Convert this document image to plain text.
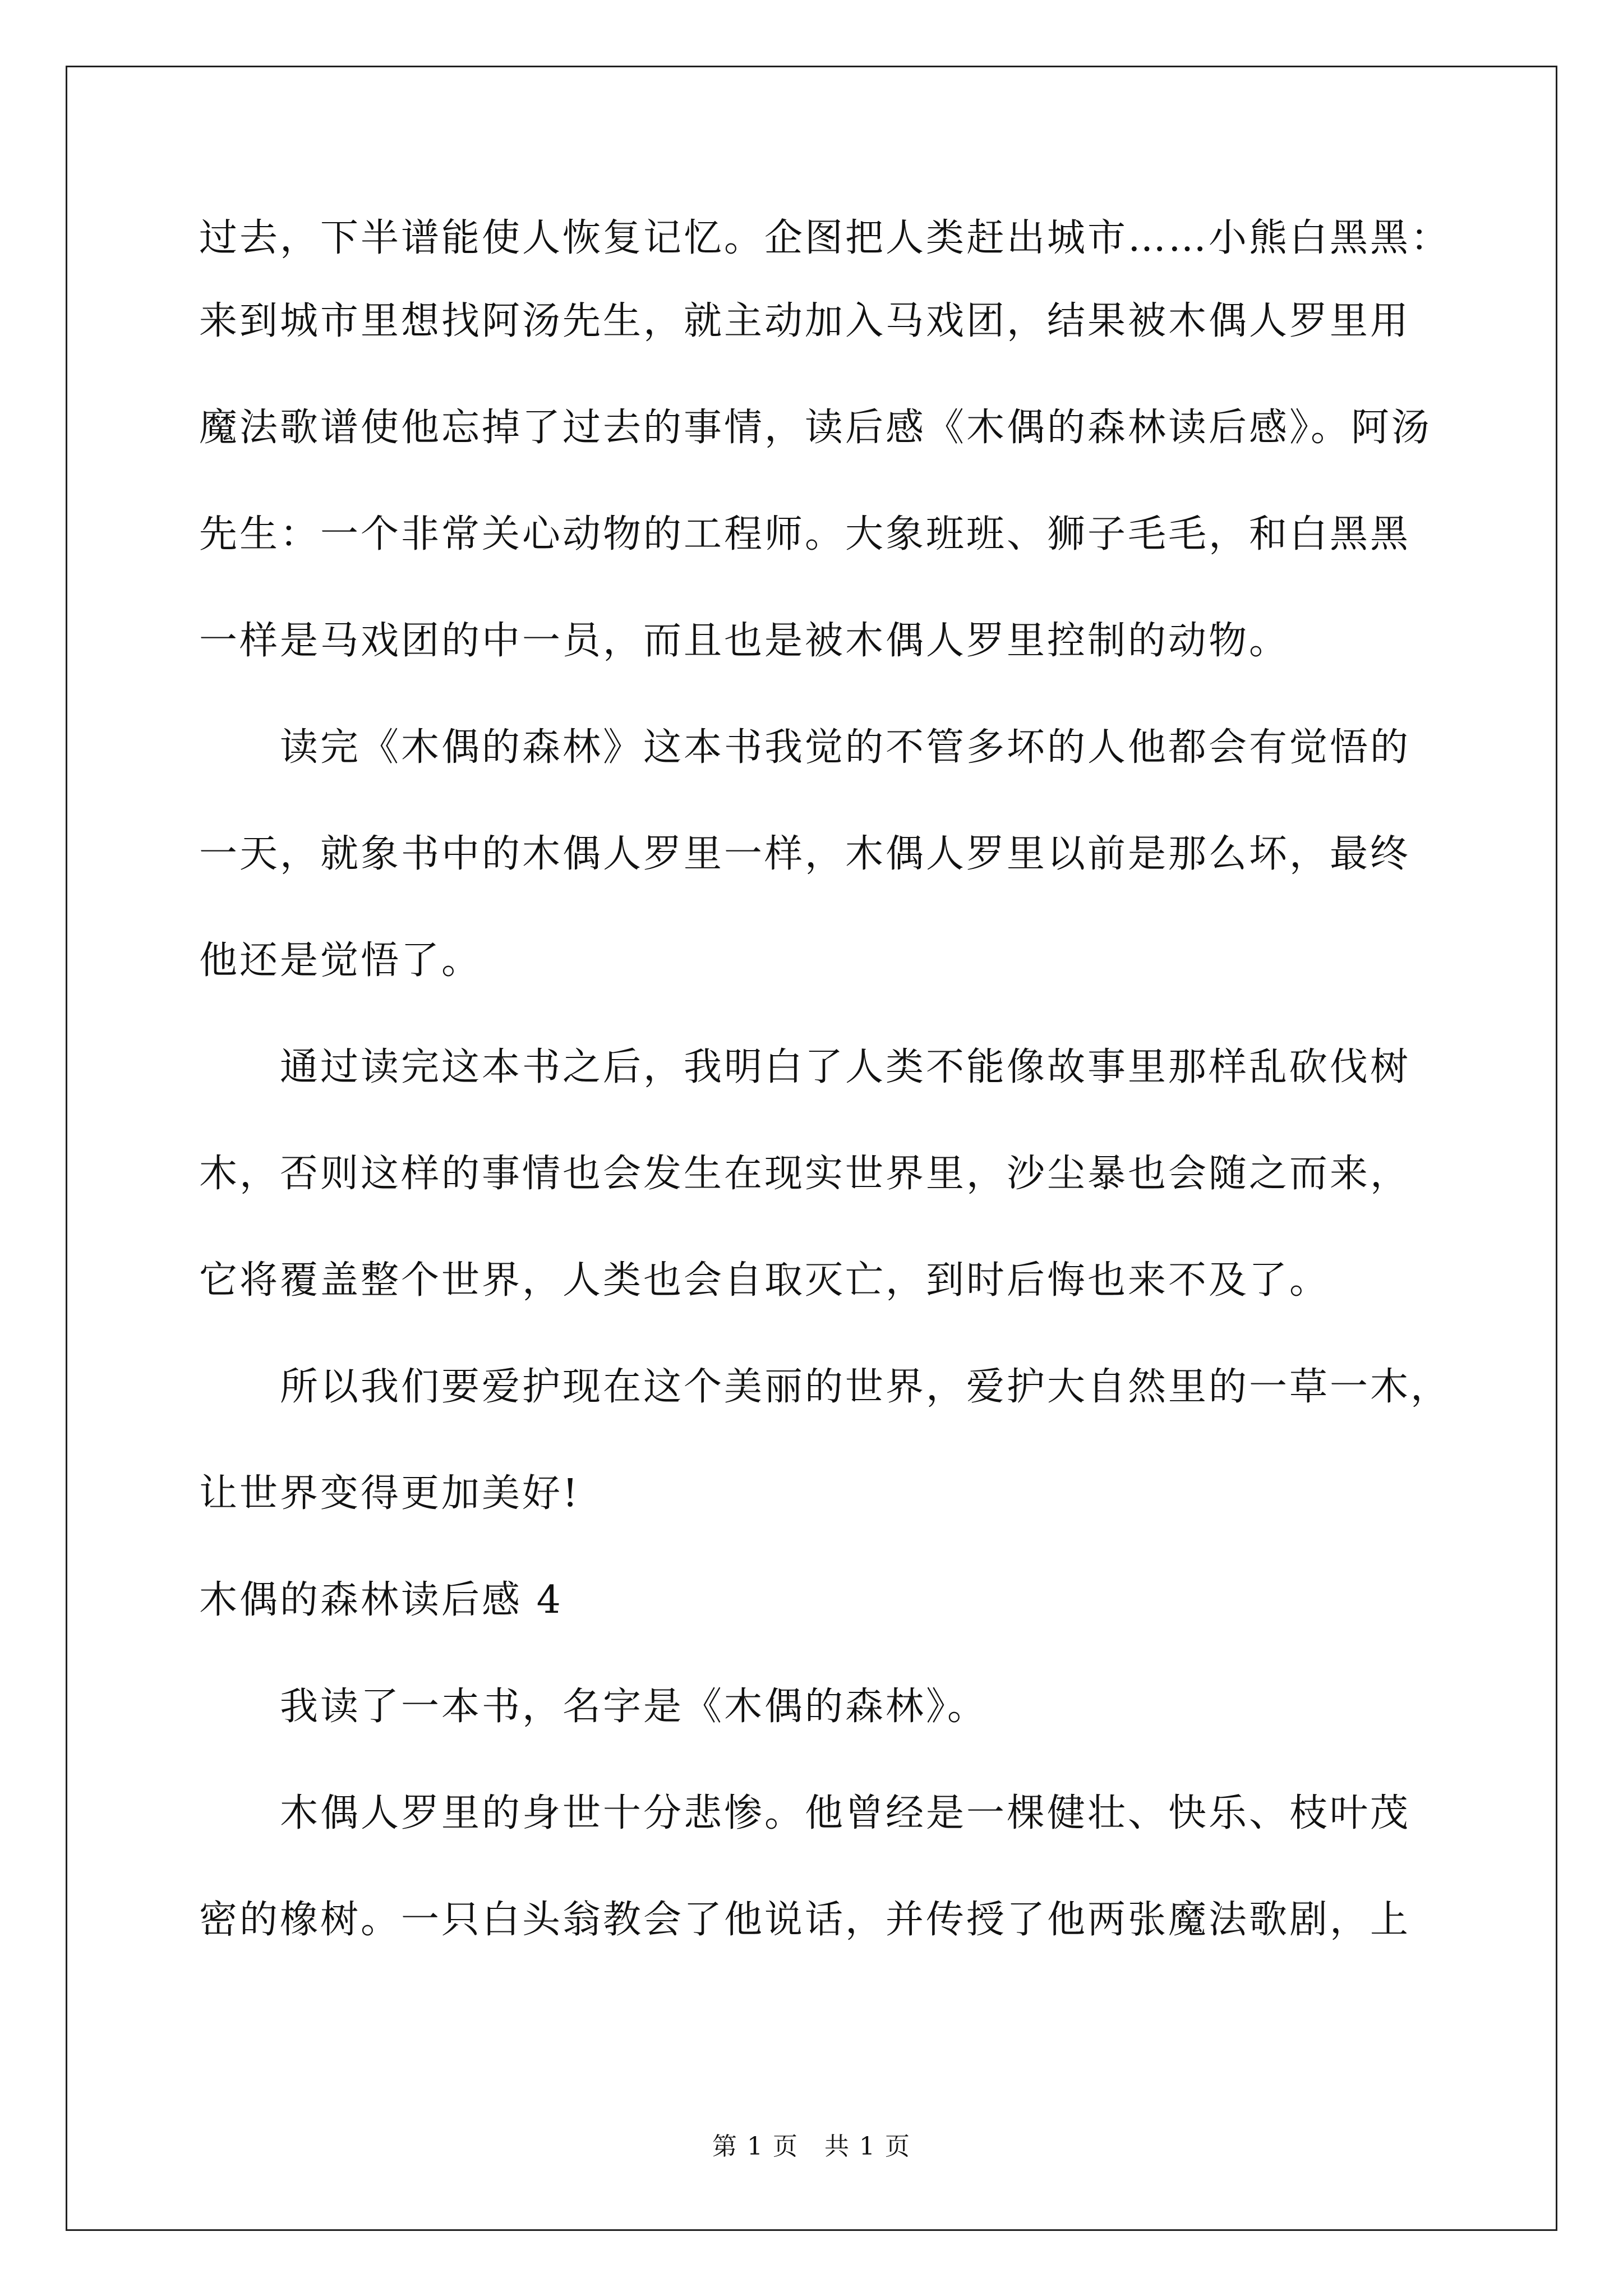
过去，下半谱能使人恢复记忆。企图把人类赶出城市……小熊白黑黑：
来到城市里想找阿汤先生，就主动加入马戏团，结果被木偶人罗里用
魔法歌谱使他忘掉了过去的事情，读后感《木偶的森林读后感》。阿汤
先生：一个非常关心动物的工程师。大象班班、狮子毛毛，和白黑黑
一样是马戏团的中一员，而且也是被木偶人罗里控制的动物。
读完《木偶的森林》这本书我觉的不管多坏的人他都会有觉悟的
一天，就象书中的木偶人罗里一样，木偶人罗里以前是那么坏，最终
他还是觉悟了。
通过读完这本书之后，我明白了人类不能像故事里那样乱砍伐树
木，否则这样的事情也会发生在现实世界里，沙尘暴也会随之而来，
它将覆盖整个世界，人类也会自取灭亡，到时后悔也来不及了。
所以我们要爱护现在这个美丽的世界，爱护大自然里的一草一木，
让世界变得更加美好!
木偶的森林读后感 4
我读了一本书，名字是《木偶的森林》。
木偶人罗里的身世十分悲惨。他曾经是一棵健壮、快乐、枝叶茂
密的橡树。一只白头翁教会了他说话，并传授了他两张魔法歌剧，上
第 1 页　共 1 页
